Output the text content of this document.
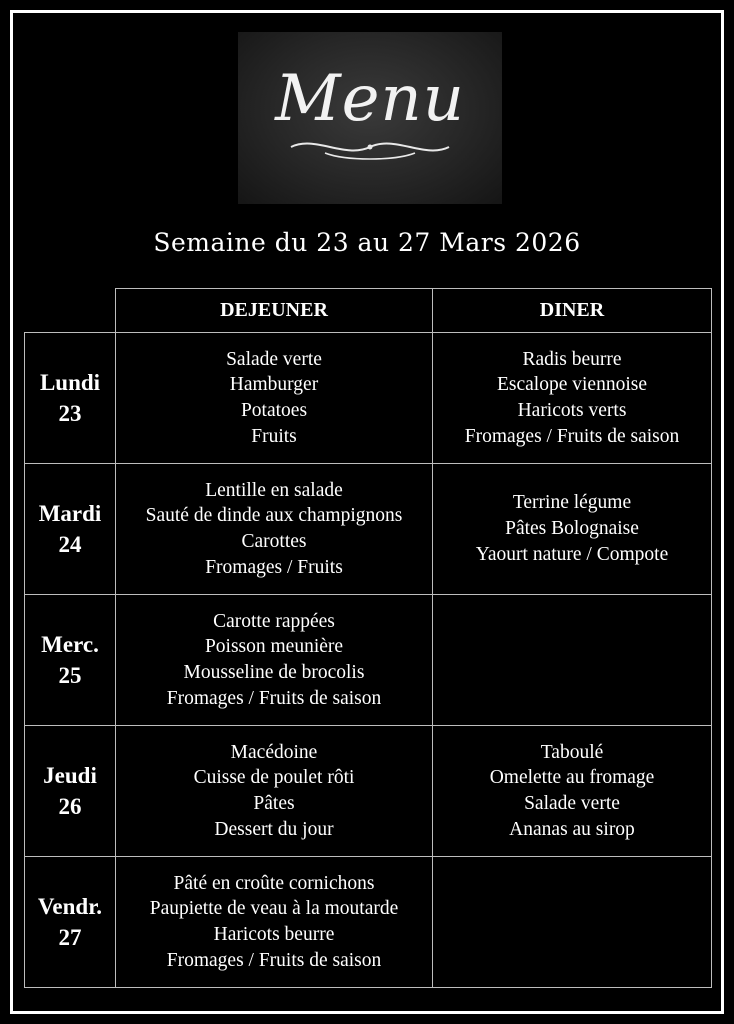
Menu
Semaine du 23 au 27 Mars 2026
	DEJEUNER	DINER

Lundi
23	Salade verte
Hamburger
Potatoes
Fruits	Radis beurre
Escalope viennoise
Haricots verts
Fromages / Fruits de saison

Mardi
24	Lentille en salade
Sauté de dinde aux champignons
Carottes
Fromages / Fruits	Terrine légume
Pâtes Bolognaise
Yaourt nature / Compote

Merc.
25	Carotte rappées
Poisson meunière
Mousseline de brocolis
Fromages / Fruits de saison	

Jeudi
26	Macédoine
Cuisse de poulet rôti
Pâtes
Dessert du jour	Taboulé
Omelette au fromage
Salade verte
Ananas au sirop

Vendr.
27	Pâté en croûte cornichons
Paupiette de veau à la moutarde
Haricots beurre
Fromages / Fruits de saison	
